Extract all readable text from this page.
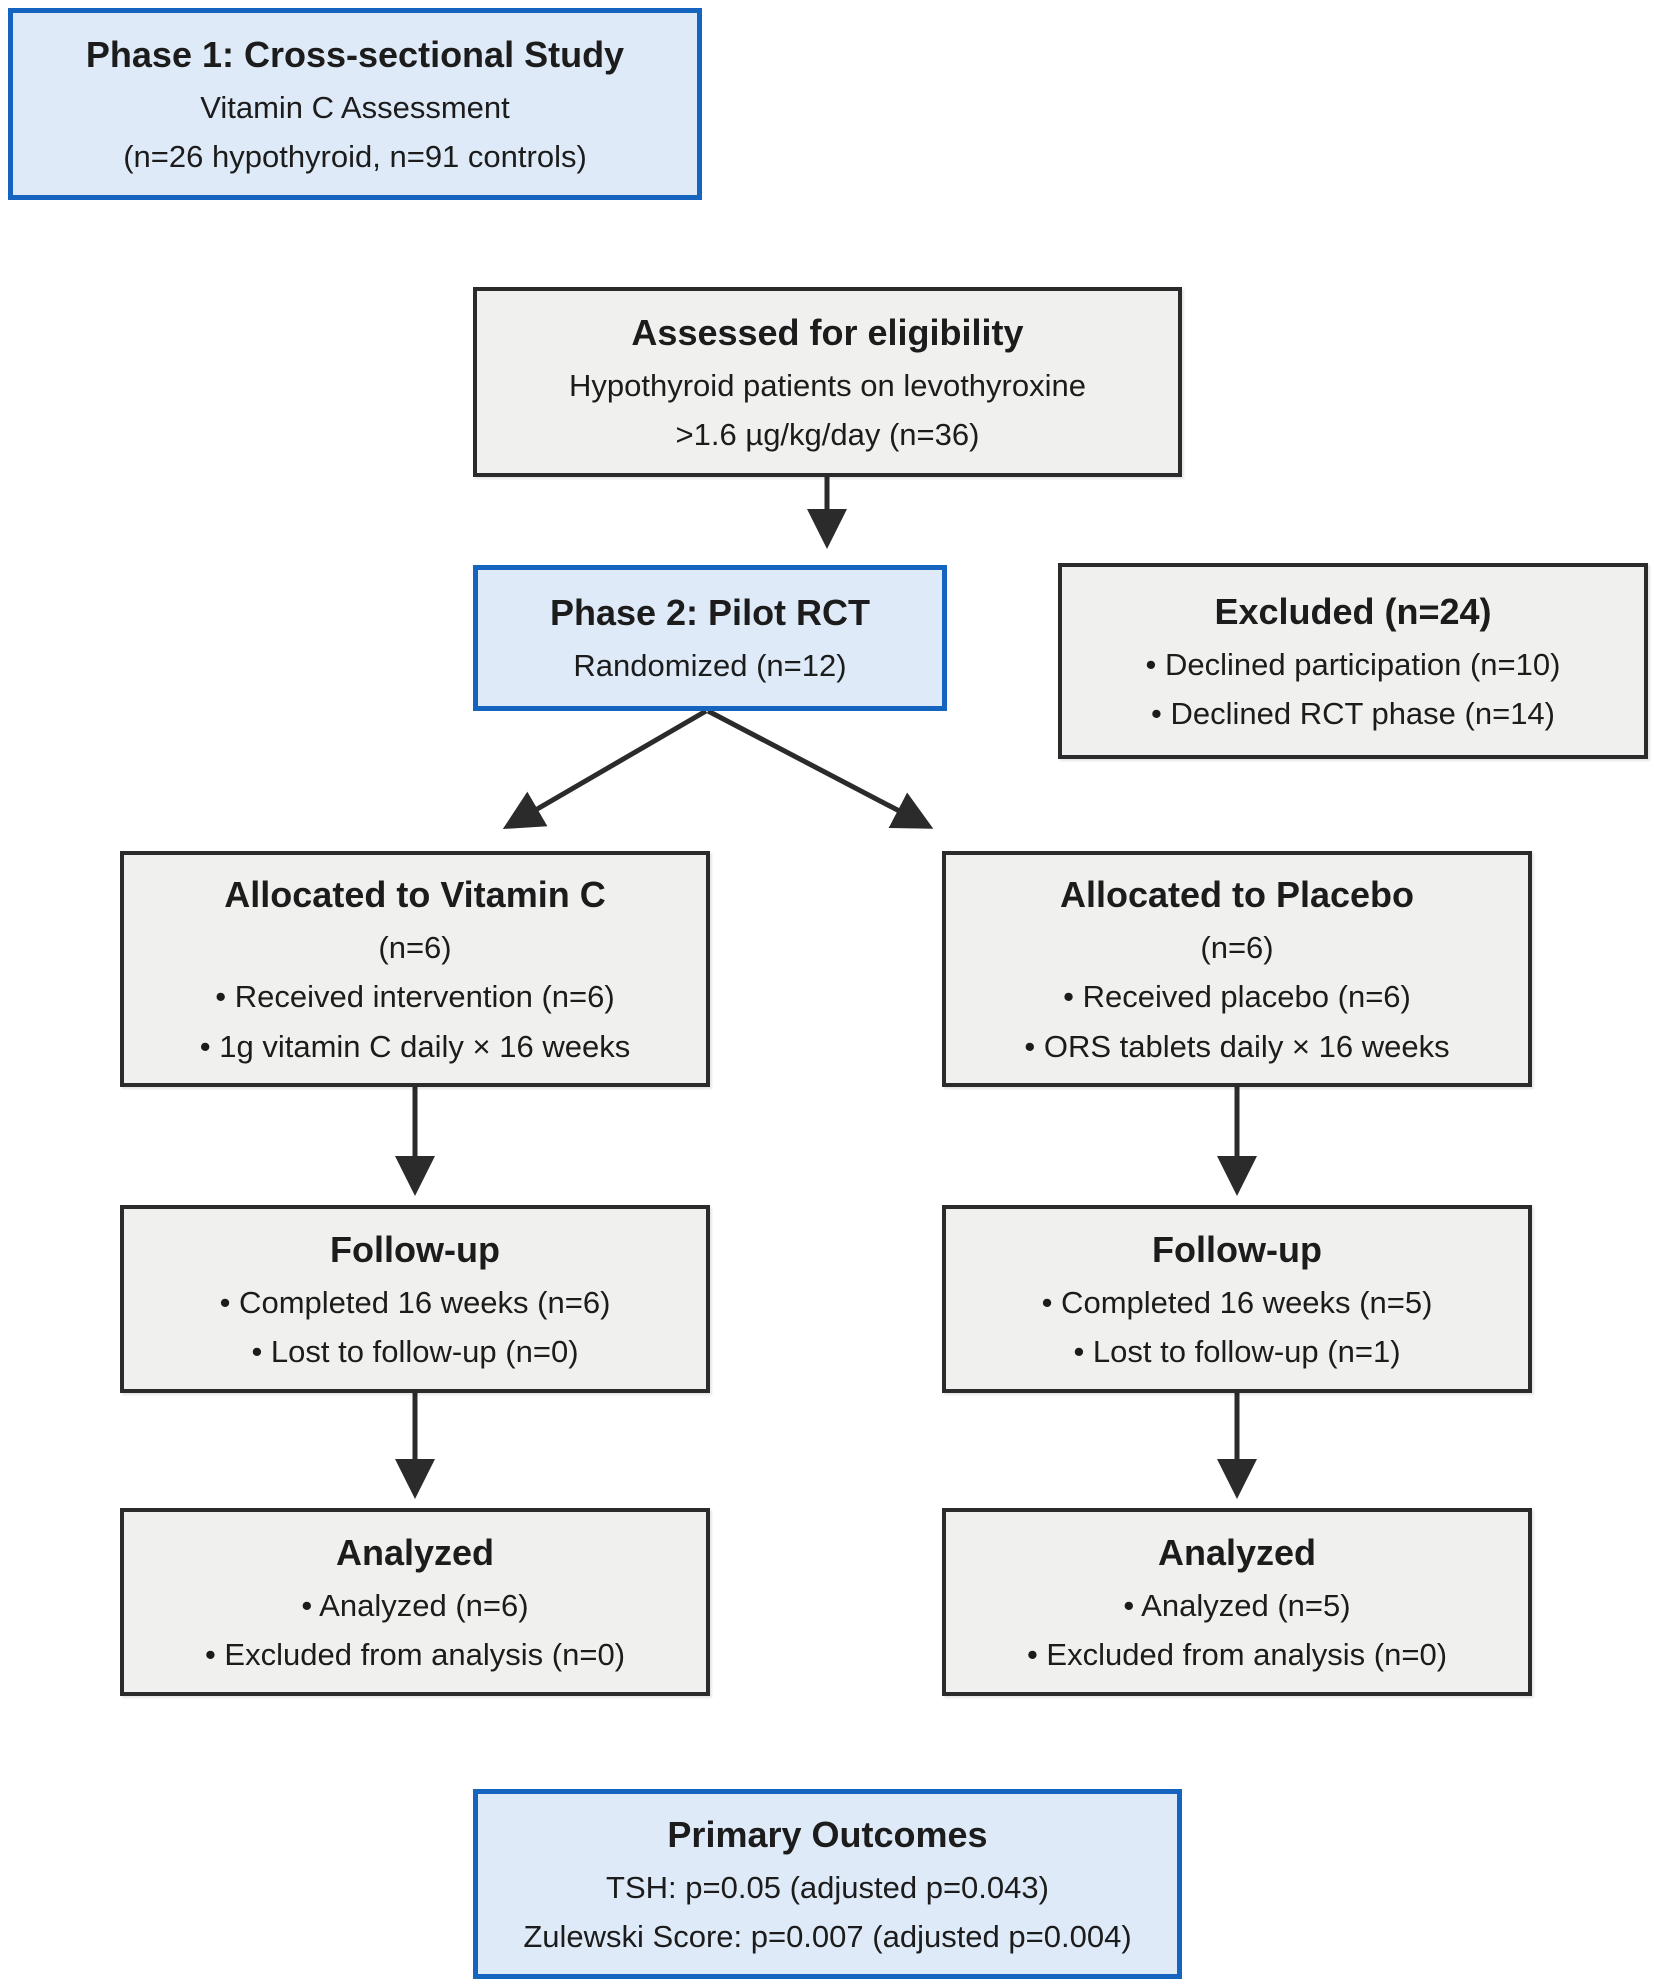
Phase 1: Cross-sectional Study
Vitamin C Assessment
(n=26 hypothyroid, n=91 controls)
Assessed for eligibility
Hypothyroid patients on levothyroxine
>1.6 µg/kg/day (n=36)
Phase 2: Pilot RCT
Randomized (n=12)
Excluded (n=24)
• Declined participation (n=10)
• Declined RCT phase (n=14)
Allocated to Vitamin C
(n=6)
• Received intervention (n=6)
• 1g vitamin C daily × 16 weeks
Allocated to Placebo
(n=6)
• Received placebo (n=6)
• ORS tablets daily × 16 weeks
Follow-up
• Completed 16 weeks (n=6)
• Lost to follow-up (n=0)
Follow-up
• Completed 16 weeks (n=5)
• Lost to follow-up (n=1)
Analyzed
• Analyzed (n=6)
• Excluded from analysis (n=0)
Analyzed
• Analyzed (n=5)
• Excluded from analysis (n=0)
Primary Outcomes
TSH: p=0.05 (adjusted p=0.043)
Zulewski Score: p=0.007 (adjusted p=0.004)
